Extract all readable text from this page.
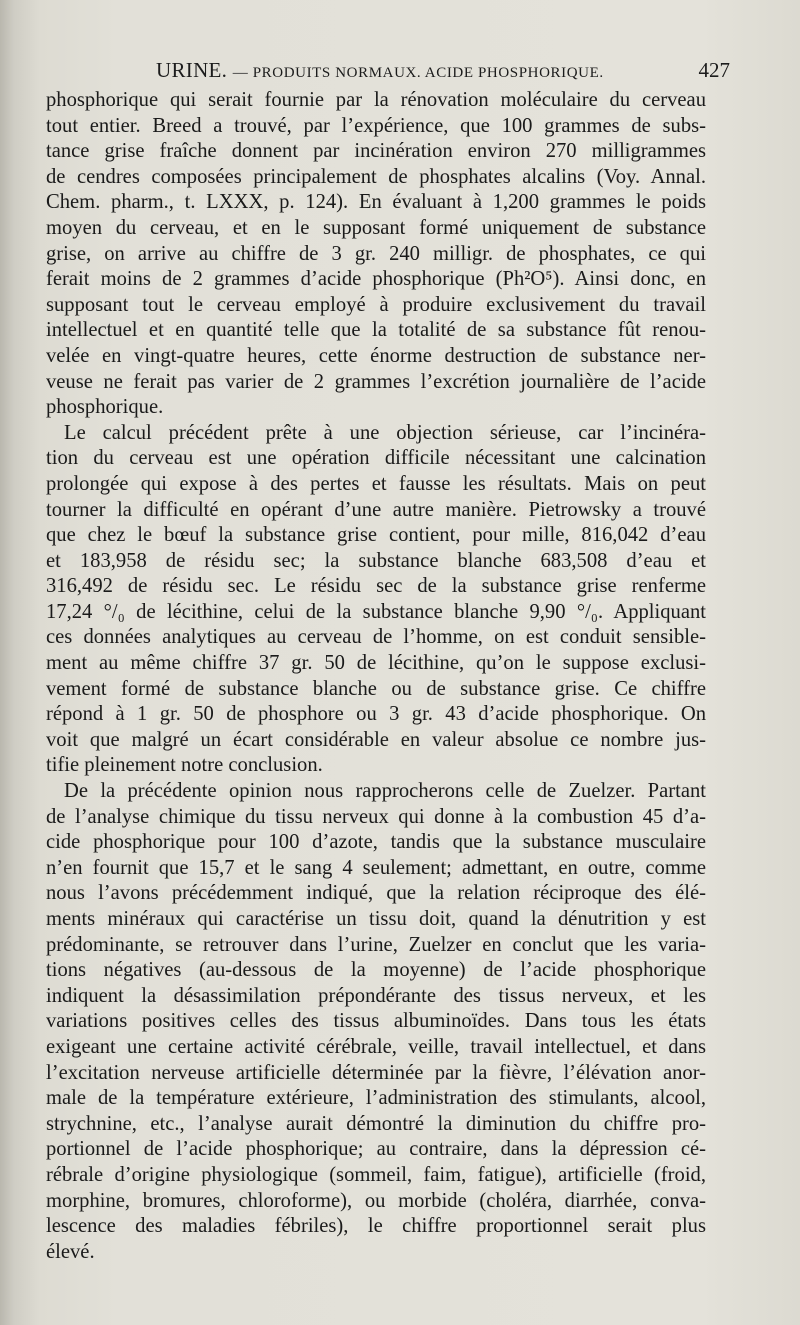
URINE. — PRODUITS NORMAUX. ACIDE PHOSPHORIQUE.	427
phosphorique qui serait fournie par la rénovation moléculaire du cerveau
tout entier. Breed a trouvé, par l’expérience, que 100 grammes de subs-
tance grise fraîche donnent par incinération environ 270 milligrammes
de cendres composées principalement de phosphates alcalins (Voy. Annal.
Chem. pharm., t. LXXX, p. 124). En évaluant à 1,200 grammes le poids
moyen du cerveau, et en le supposant formé uniquement de substance
grise, on arrive au chiffre de 3 gr. 240 milligr. de phosphates, ce qui
ferait moins de 2 grammes d’acide phosphorique (Ph²O⁵). Ainsi donc, en
supposant tout le cerveau employé à produire exclusivement du travail
intellectuel et en quantité telle que la totalité de sa substance fût renou-
velée en vingt-quatre heures, cette énorme destruction de substance ner-
veuse ne ferait pas varier de 2 grammes l’excrétion journalière de l’acide
phosphorique.
Le calcul précédent prête à une objection sérieuse, car l’incinéra-
tion du cerveau est une opération difficile nécessitant une calcination
prolongée qui expose à des pertes et fausse les résultats. Mais on peut
tourner la difficulté en opérant d’une autre manière. Pietrowsky a trouvé
que chez le bœuf la substance grise contient, pour mille, 816,042 d’eau
et 183,958 de résidu sec; la substance blanche 683,508 d’eau et
316,492 de résidu sec. Le résidu sec de la substance grise renferme
17,24 °/₀ de lécithine, celui de la substance blanche 9,90 °/₀. Appliquant
ces données analytiques au cerveau de l’homme, on est conduit sensible-
ment au même chiffre 37 gr. 50 de lécithine, qu’on le suppose exclusi-
vement formé de substance blanche ou de substance grise. Ce chiffre
répond à 1 gr. 50 de phosphore ou 3 gr. 43 d’acide phosphorique. On
voit que malgré un écart considérable en valeur absolue ce nombre jus-
tifie pleinement notre conclusion.
De la précédente opinion nous rapprocherons celle de Zuelzer. Partant
de l’analyse chimique du tissu nerveux qui donne à la combustion 45 d’a-
cide phosphorique pour 100 d’azote, tandis que la substance musculaire
n’en fournit que 15,7 et le sang 4 seulement; admettant, en outre, comme
nous l’avons précédemment indiqué, que la relation réciproque des élé-
ments minéraux qui caractérise un tissu doit, quand la dénutrition y est
prédominante, se retrouver dans l’urine, Zuelzer en conclut que les varia-
tions négatives (au-dessous de la moyenne) de l’acide phosphorique
indiquent la désassimilation prépondérante des tissus nerveux, et les
variations positives celles des tissus albuminoïdes. Dans tous les états
exigeant une certaine activité cérébrale, veille, travail intellectuel, et dans
l’excitation nerveuse artificielle déterminée par la fièvre, l’élévation anor-
male de la température extérieure, l’administration des stimulants, alcool,
strychnine, etc., l’analyse aurait démontré la diminution du chiffre pro-
portionnel de l’acide phosphorique; au contraire, dans la dépression cé-
rébrale d’origine physiologique (sommeil, faim, fatigue), artificielle (froid,
morphine, bromures, chloroforme), ou morbide (choléra, diarrhée, conva-
lescence des maladies fébriles), le chiffre proportionnel serait plus
élevé.
